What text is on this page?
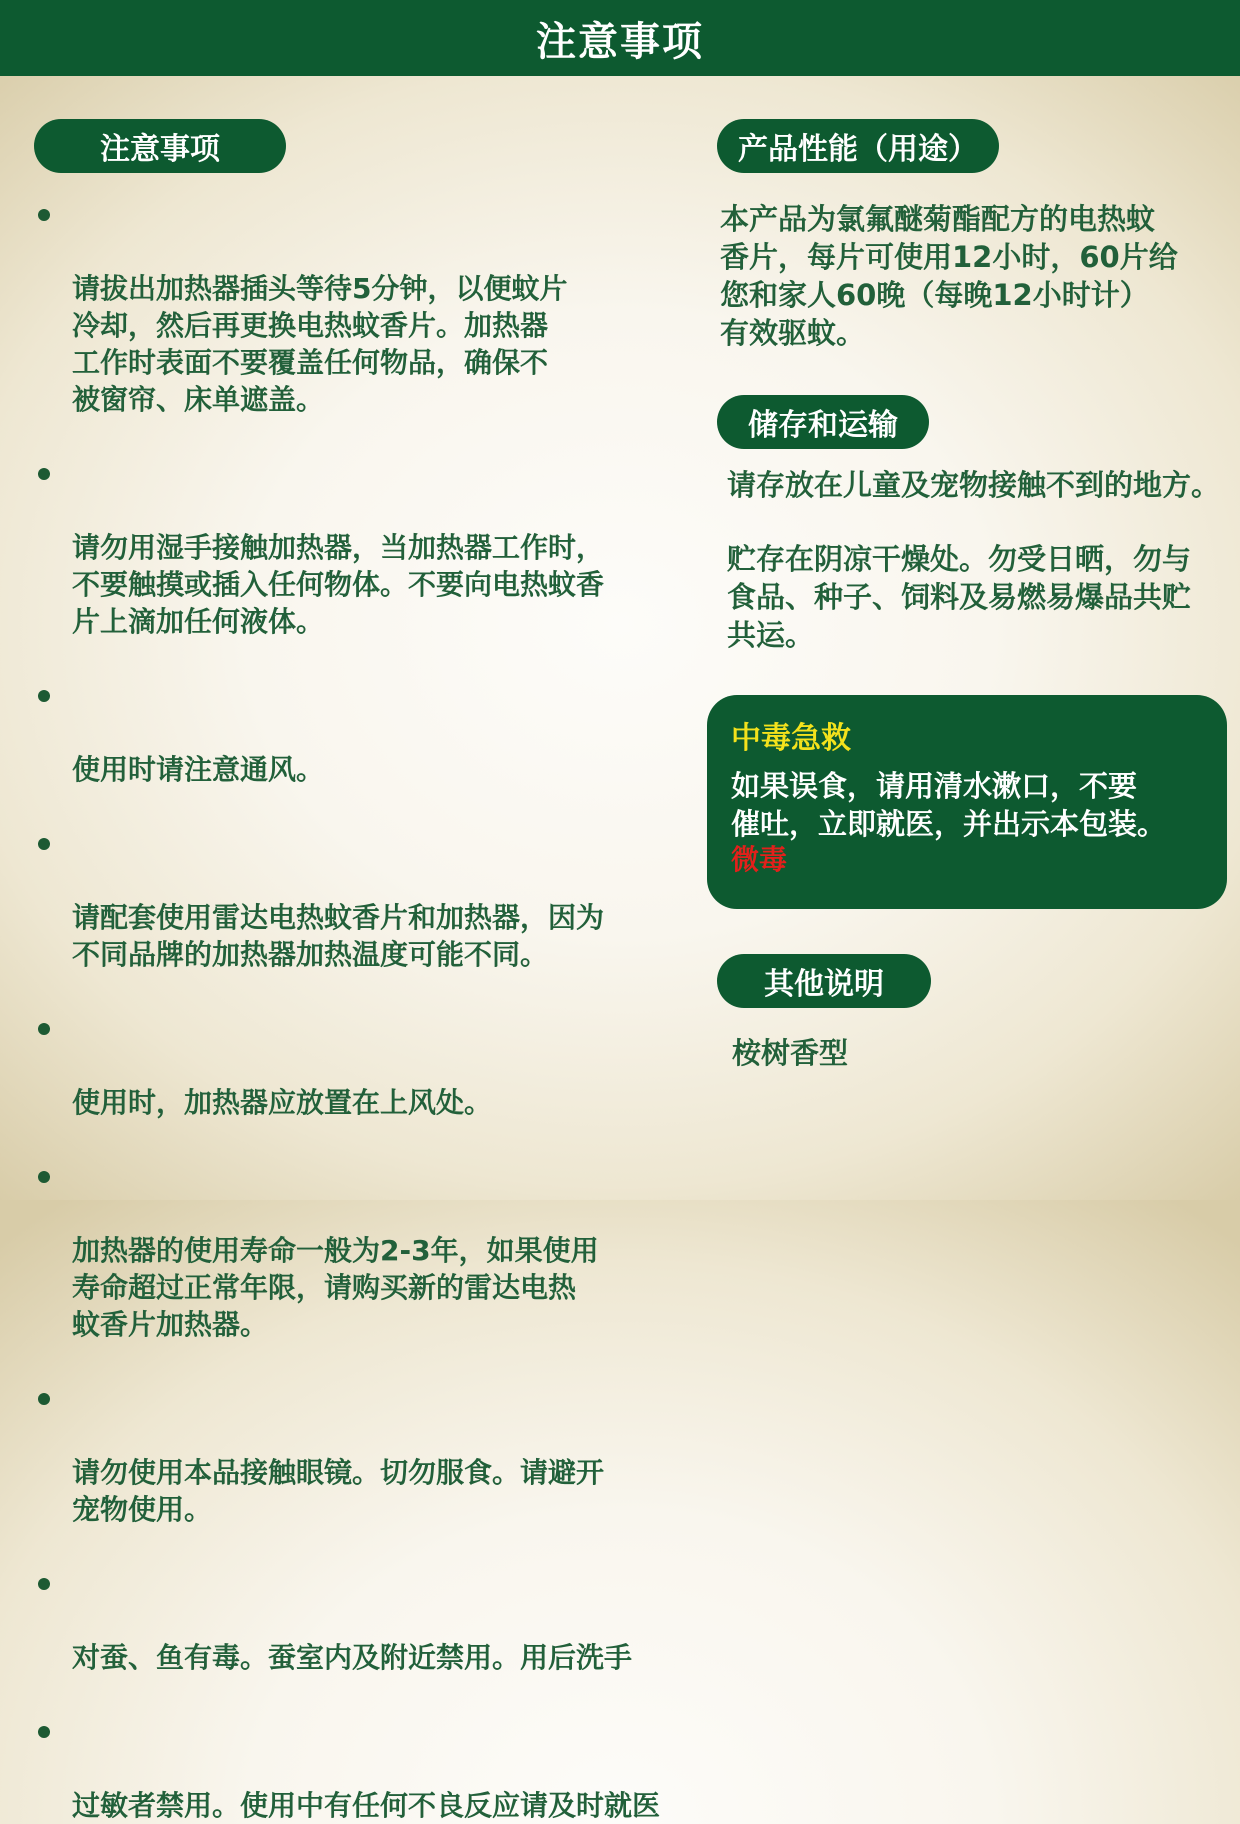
注意事项
注意事项

请拔出加热器插头等待5分钟，以便蚊片
冷却，然后再更换电热蚊香片。加热器
工作时表面不要覆盖任何物品，确保不
被窗帘、床单遮盖。

请勿用湿手接触加热器，当加热器工作时，
不要触摸或插入任何物体。不要向电热蚊香
片上滴加任何液体。

使用时请注意通风。

请配套使用雷达电热蚊香片和加热器，因为
不同品牌的加热器加热温度可能不同。

使用时，加热器应放置在上风处。

加热器的使用寿命一般为2-3年，如果使用
寿命超过正常年限，请购买新的雷达电热
蚊香片加热器。

请勿使用本品接触眼镜。切勿服食。请避开
宠物使用。

对蚕、鱼有毒。蚕室内及附近禁用。用后洗手

过敏者禁用。使用中有任何不良反应请及时就医

产品性能（用途）
本产品为氯氟醚菊酯配方的电热蚊
香片，每片可使用12小时，60片给
您和家人60晚（每晚12小时计）
有效驱蚊。
储存和运输
请存放在儿童及宠物接触不到的地方。
贮存在阴凉干燥处。勿受日晒，勿与
食品、种子、饲料及易燃易爆品共贮
共运。
中毒急救
如果误食，请用清水漱口，不要
催吐，立即就医，并出示本包装。
微毒
其他说明
桉树香型
